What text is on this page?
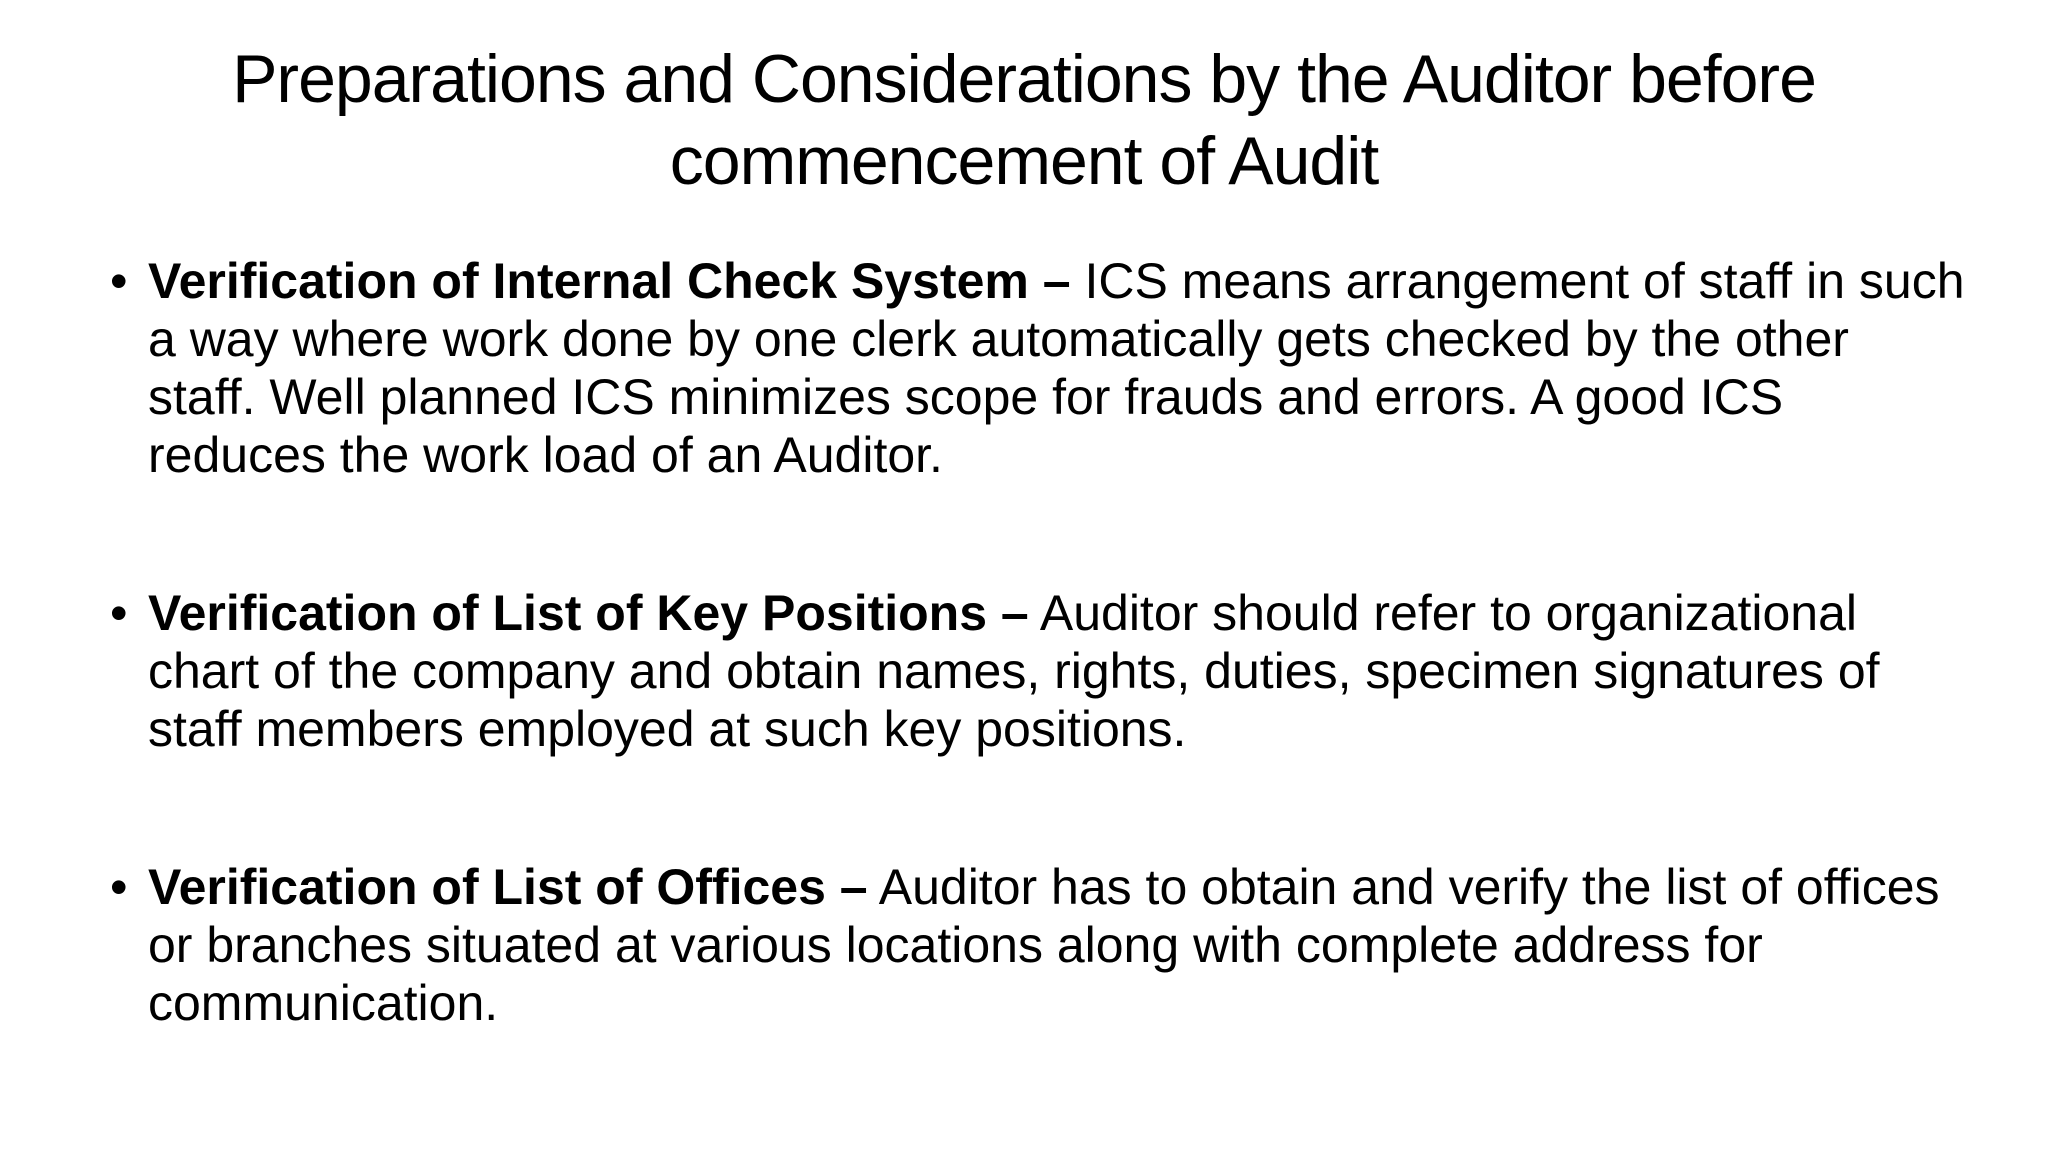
Preparations and Considerations by the Auditor before commencement of Audit
• Verification of Internal Check System – ICS means arrangement of staff in such a way where work done by one clerk automatically gets checked by the other staff. Well planned ICS minimizes scope for frauds and errors. A good ICS reduces the work load of an Auditor.
• Verification of List of Key Positions – Auditor should refer to organizational chart of the company and obtain names, rights, duties, specimen signatures of staff members employed at such key positions.
• Verification of List of Offices – Auditor has to obtain and verify the list of offices or branches situated at various locations along with complete address for communication.
